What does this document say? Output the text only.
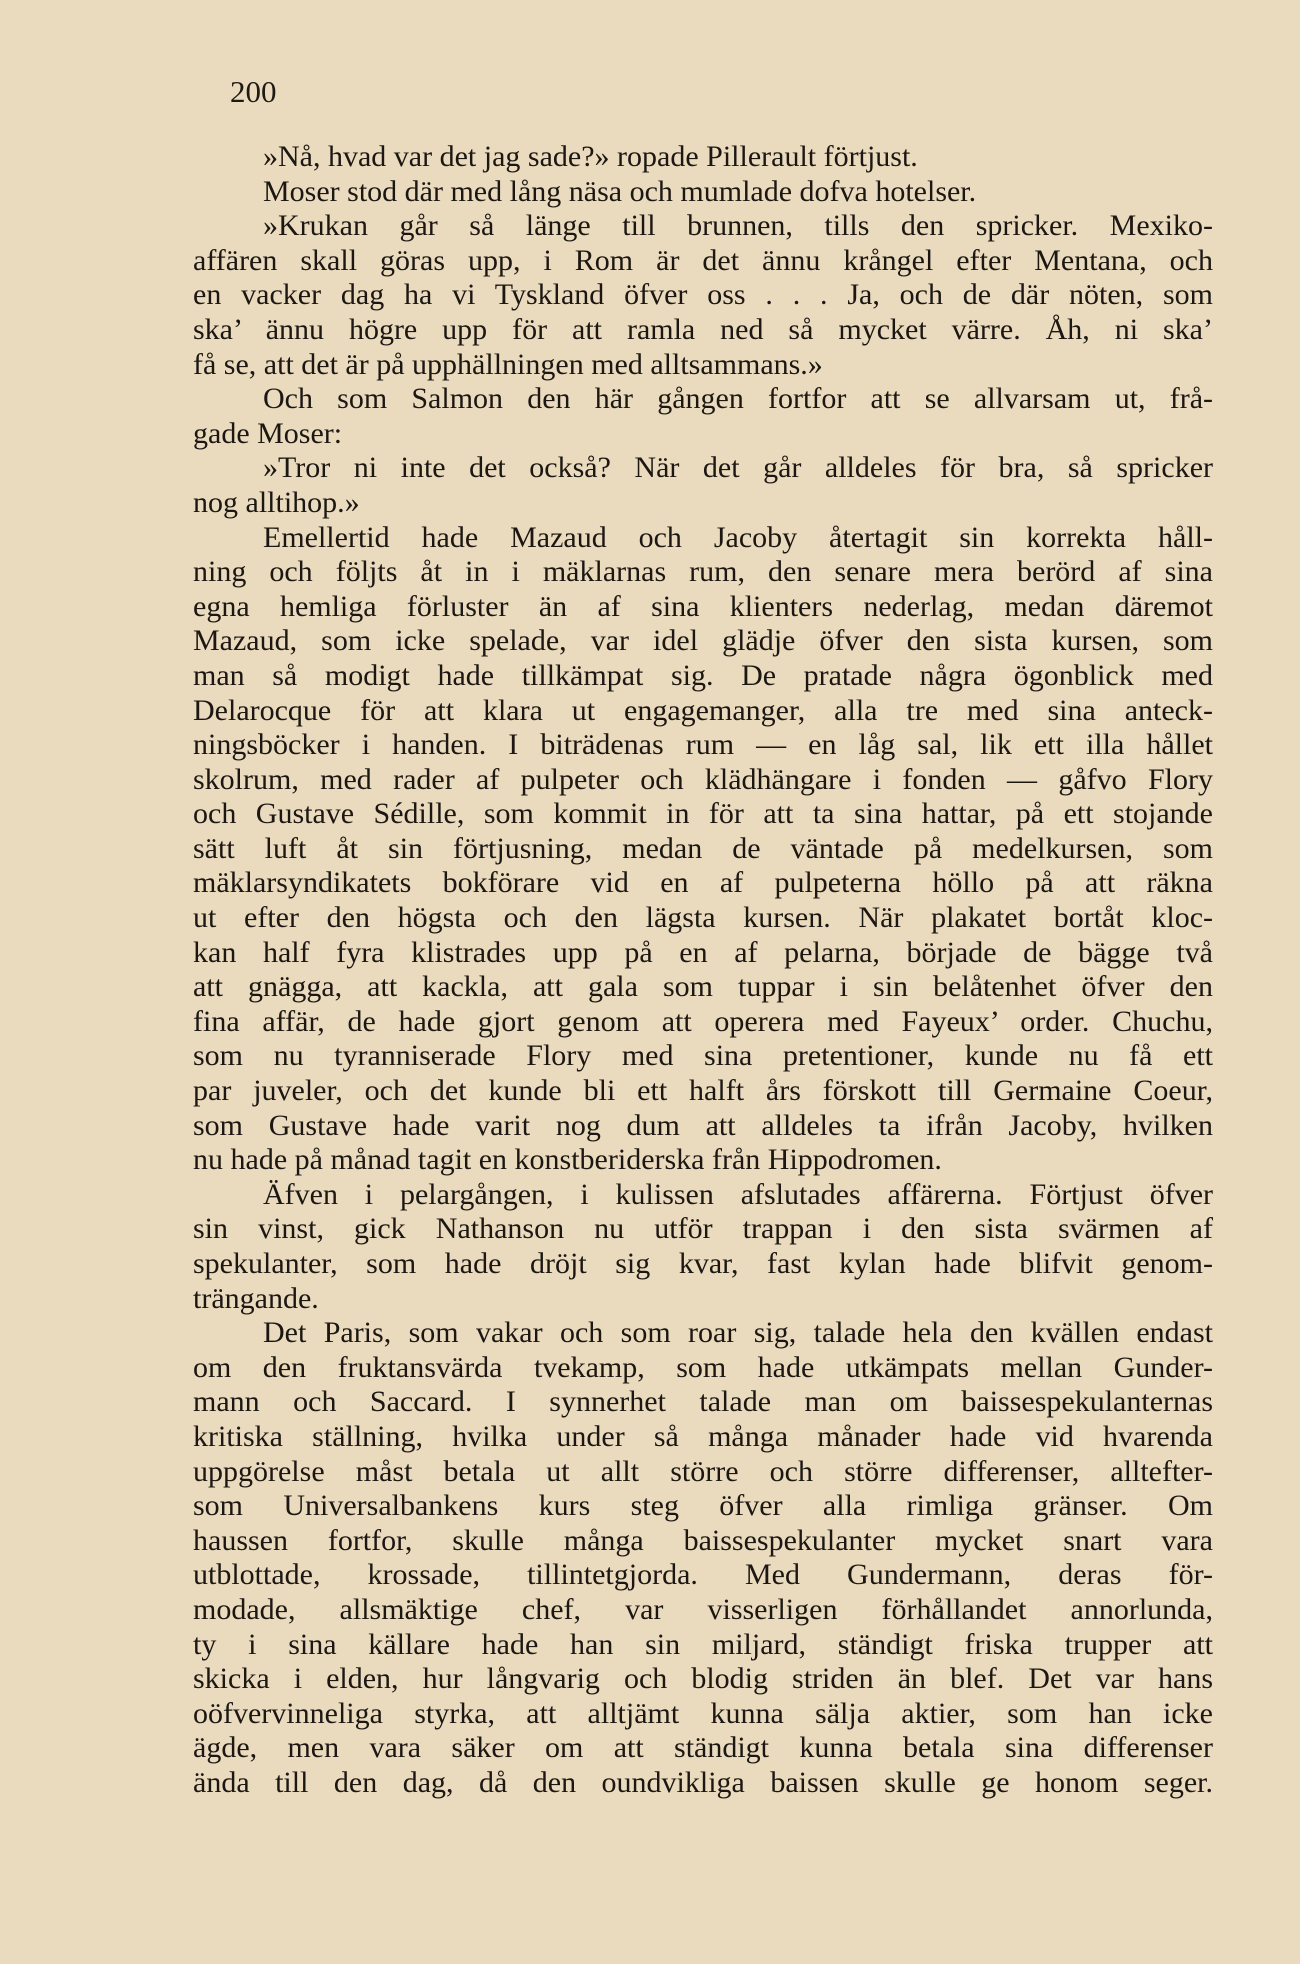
200
»Nå, hvad var det jag sade?» ropade Pillerault förtjust.
Moser stod där med lång näsa och mumlade dofva hotelser.
»Krukan går så länge till brunnen, tills den spricker. Mexiko-
affären skall göras upp, i Rom är det ännu krångel efter Mentana, och
en vacker dag ha vi Tyskland öfver oss . . . Ja, och de där nöten, som
ska’ ännu högre upp för att ramla ned så mycket värre. Åh, ni ska’
få se, att det är på upphällningen med alltsammans.»
Och som Salmon den här gången fortfor att se allvarsam ut, frå-
gade Moser:
»Tror ni inte det också? När det går alldeles för bra, så spricker
nog alltihop.»
Emellertid hade Mazaud och Jacoby återtagit sin korrekta håll-
ning och följts åt in i mäklarnas rum, den senare mera berörd af sina
egna hemliga förluster än af sina klienters nederlag, medan däremot
Mazaud, som icke spelade, var idel glädje öfver den sista kursen, som
man så modigt hade tillkämpat sig. De pratade några ögonblick med
Delarocque för att klara ut engagemanger, alla tre med sina anteck-
ningsböcker i handen. I biträdenas rum — en låg sal, lik ett illa hållet
skolrum, med rader af pulpeter och klädhängare i fonden — gåfvo Flory
och Gustave Sédille, som kommit in för att ta sina hattar, på ett stojande
sätt luft åt sin förtjusning, medan de väntade på medelkursen, som
mäklarsyndikatets bokförare vid en af pulpeterna höllo på att räkna
ut efter den högsta och den lägsta kursen. När plakatet bortåt kloc-
kan half fyra klistrades upp på en af pelarna, började de bägge två
att gnägga, att kackla, att gala som tuppar i sin belåtenhet öfver den
fina affär, de hade gjort genom att operera med Fayeux’ order. Chuchu,
som nu tyranniserade Flory med sina pretentioner, kunde nu få ett
par juveler, och det kunde bli ett halft års förskott till Germaine Coeur,
som Gustave hade varit nog dum att alldeles ta ifrån Jacoby, hvilken
nu hade på månad tagit en konstberiderska från Hippodromen.
Äfven i pelargången, i kulissen afslutades affärerna. Förtjust öfver
sin vinst, gick Nathanson nu utför trappan i den sista svärmen af
spekulanter, som hade dröjt sig kvar, fast kylan hade blifvit genom-
trängande.
Det Paris, som vakar och som roar sig, talade hela den kvällen endast
om den fruktansvärda tvekamp, som hade utkämpats mellan Gunder-
mann och Saccard. I synnerhet talade man om baissespekulanternas
kritiska ställning, hvilka under så många månader hade vid hvarenda
uppgörelse måst betala ut allt större och större differenser, alltefter-
som Universalbankens kurs steg öfver alla rimliga gränser. Om
haussen fortfor, skulle många baissespekulanter mycket snart vara
utblottade, krossade, tillintetgjorda. Med Gundermann, deras för-
modade, allsmäktige chef, var visserligen förhållandet annorlunda,
ty i sina källare hade han sin miljard, ständigt friska trupper att
skicka i elden, hur långvarig och blodig striden än blef. Det var hans
oöfvervinneliga styrka, att alltjämt kunna sälja aktier, som han icke
ägde, men vara säker om att ständigt kunna betala sina differenser
ända till den dag, då den oundvikliga baissen skulle ge honom seger.
